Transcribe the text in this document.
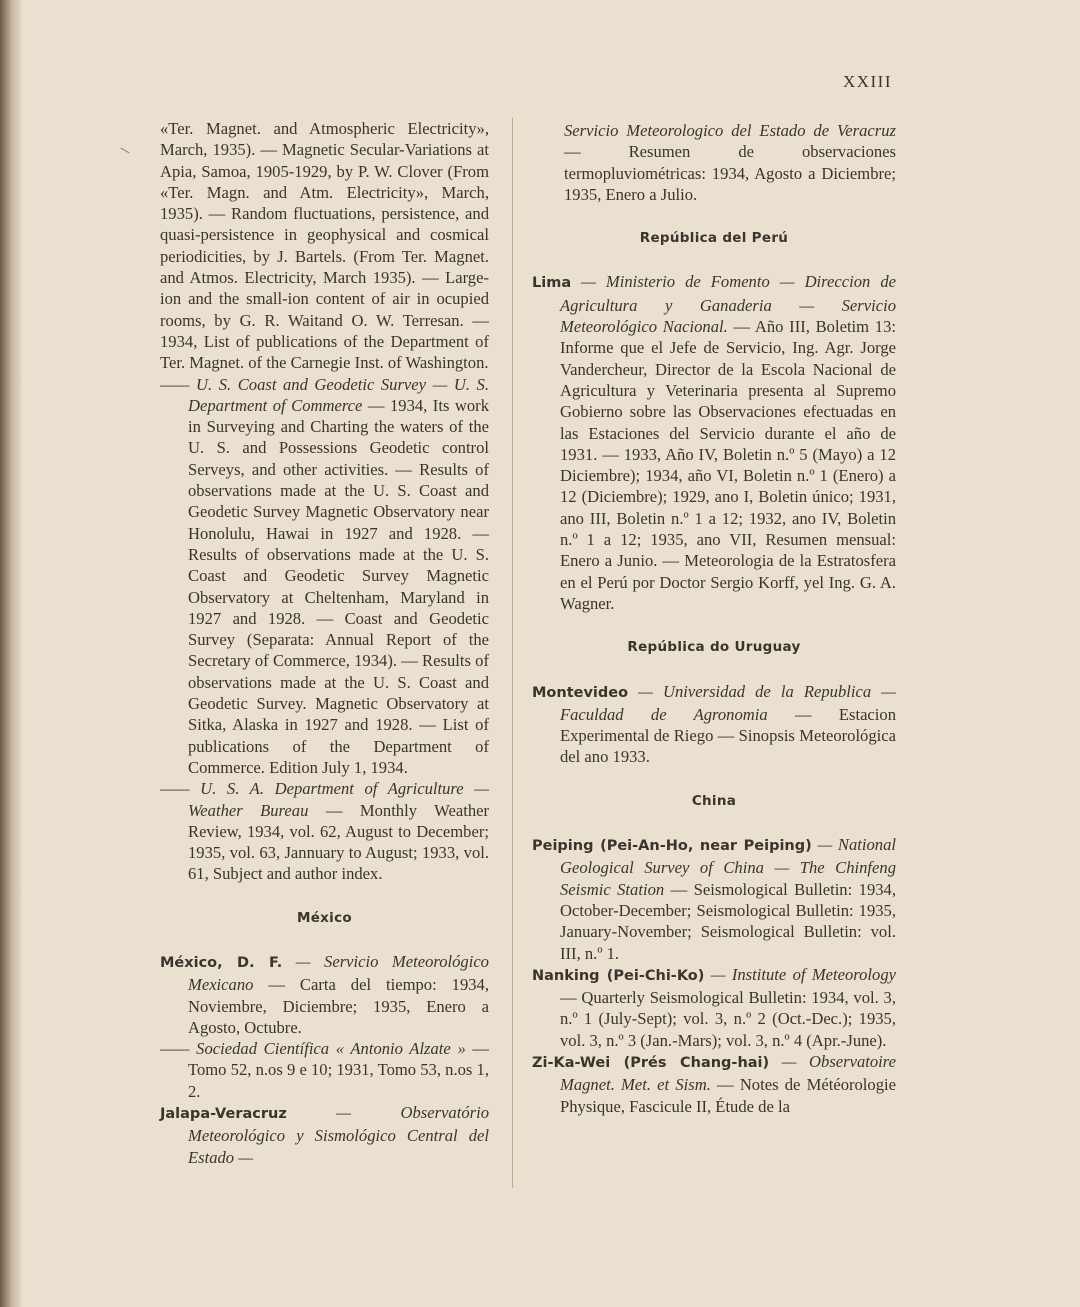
XXIII

«Ter. Magnet. and Atmospheric Electricity», March, 1935). — Magnetic Secular-Variations at Apia, Samoa, 1905-1929, by P. W. Clover (From «Ter. Magn. and Atm. Electricity», March, 1935). — Random fluctuations, persistence, and quasi-persistence in geophysical and cosmical periodicities, by J. Bartels. (From Ter. Magnet. and Atmos. Electricity, March 1935). — Large-ion and the small-ion content of air in ocupied rooms, by G. R. Waitand O. W. Terresan. — 1934, List of publications of the Department of Ter. Magnet. of the Carnegie Inst. of Washington.

—— U. S. Coast and Geodetic Survey — U. S. Department of Commerce — 1934, Its work in Surveying and Charting the waters of the U. S. and Possessions Geodetic control Serveys, and other activities. — Results of observations made at the U. S. Coast and Geodetic Survey Magnetic Observatory near Honolulu, Hawai in 1927 and 1928. — Results of observations made at the U. S. Coast and Geodetic Survey Magnetic Observatory at Cheltenham, Maryland in 1927 and 1928. — Coast and Geodetic Survey (Separata: Annual Report of the Secretary of Commerce, 1934). — Results of observations made at the U. S. Coast and Geodetic Survey. Magnetic Observatory at Sitka, Alaska in 1927 and 1928. — List of publications of the Department of Commerce. Edition July 1, 1934.

—— U. S. A. Department of Agriculture — Weather Bureau — Monthly Weather Review, 1934, vol. 62, August to December; 1935, vol. 63, Jannuary to August; 1933, vol. 61, Subject and author index.

México

México, D. F. — Servicio Meteorológico Mexicano — Carta del tiempo: 1934, Noviembre, Diciembre; 1935, Enero a Agosto, Octubre.

—— Sociedad Científica « Antonio Alzate » — Tomo 52, n.os 9 e 10; 1931, Tomo 53, n.os 1, 2.

Jalapa-Veracruz — Observatório Meteorológico y Sismológico Central del Estado —

Servicio Meteorologico del Estado de Veracruz — Resumen de observaciones termopluviométricas: 1934, Agosto a Diciembre; 1935, Enero a Julio.

República del Perú

Lima — Ministerio de Fomento — Direccion de Agricultura y Ganaderia — Servicio Meteorológico Nacional. — Año III, Boletim 13: Informe que el Jefe de Servicio, Ing. Agr. Jorge Vandercheur, Director de la Escola Nacional de Agricultura y Veterinaria presenta al Supremo Gobierno sobre las Observaciones efectuadas en las Estaciones del Servicio durante el año de 1931. — 1933, Año IV, Boletin n.º 5 (Mayo) a 12 Diciembre); 1934, año VI, Boletin n.º 1 (Enero) a 12 (Diciembre); 1929, ano I, Boletin único; 1931, ano III, Boletin n.º 1 a 12; 1932, ano IV, Boletin n.º 1 a 12; 1935, ano VII, Resumen mensual: Enero a Junio. — Meteorologia de la Estratosfera en el Perú por Doctor Sergio Korff, yel Ing. G. A. Wagner.

República do Uruguay

Montevideo — Universidad de la Republica — Faculdad de Agronomia — Estacion Experimental de Riego — Sinopsis Meteorológica del ano 1933.

China

Peiping (Pei-An-Ho, near Peiping) — National Geological Survey of China — The Chinfeng Seismic Station — Seismological Bulletin: 1934, October-December; Seismological Bulletin: 1935, January-November; Seismological Bulletin: vol. III, n.º 1.

Nanking (Pei-Chi-Ko) — Institute of Meteorology — Quarterly Seismological Bulletin: 1934, vol. 3, n.º 1 (July-Sept); vol. 3, n.º 2 (Oct.-Dec.); 1935, vol. 3, n.º 3 (Jan.-Mars); vol. 3, n.º 4 (Apr.-June).

Zi-Ka-Wei (Prés Chang-hai) — Observatoire Magnet. Met. et Sism. — Notes de Météorologie Physique, Fascicule II, Étude de la
